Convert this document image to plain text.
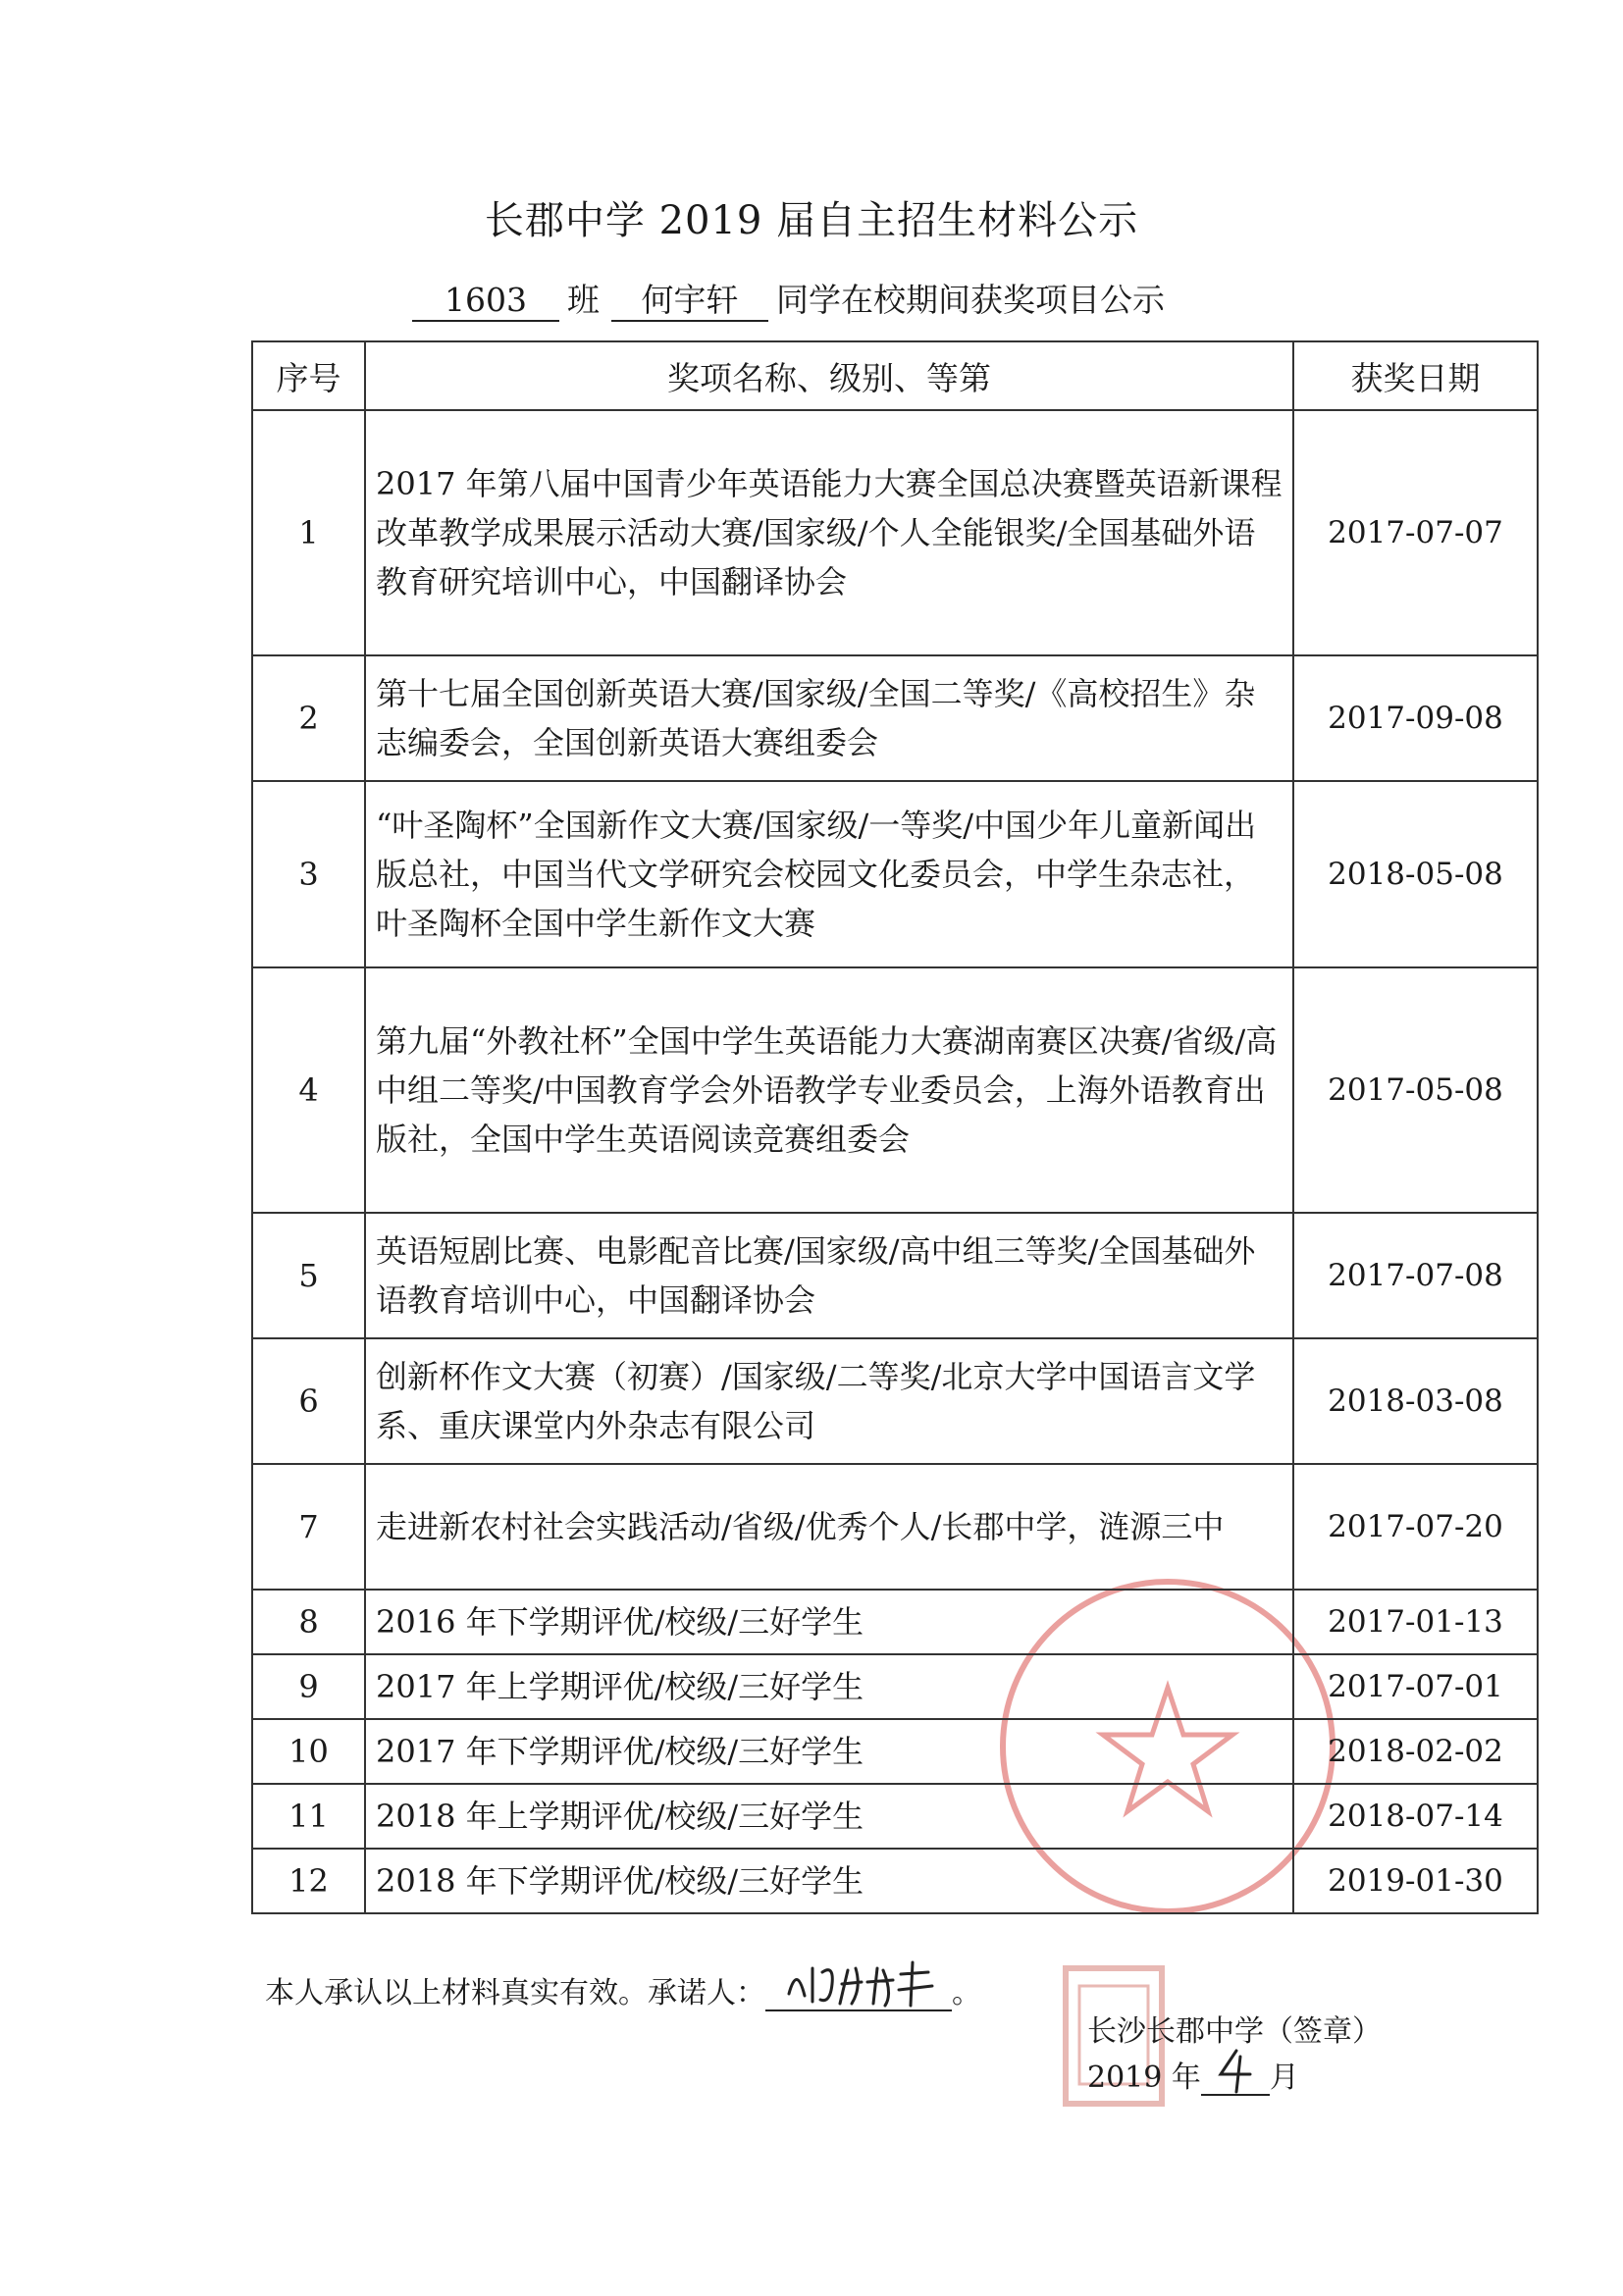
长郡中学 2019 届自主招生材料公示
1603 班 何宇轩 同学在校期间获奖项目公示
序号	奖项名称、级别、等第	获奖日期
1	2017 年第八届中国青少年英语能力大赛全国总决赛暨英语新课程改革教学成果展示活动大赛/国家级/个人全能银奖/全国基础外语教育研究培训中心，中国翻译协会	2017-07-07
2	第十七届全国创新英语大赛/国家级/全国二等奖/《高校招生》杂志编委会，全国创新英语大赛组委会	2017-09-08
3	“叶圣陶杯”全国新作文大赛/国家级/一等奖/中国少年儿童新闻出版总社，中国当代文学研究会校园文化委员会，中学生杂志社，叶圣陶杯全国中学生新作文大赛	2018-05-08
4	第九届“外教社杯”全国中学生英语能力大赛湖南赛区决赛/省级/高中组二等奖/中国教育学会外语教学专业委员会，上海外语教育出版社，全国中学生英语阅读竞赛组委会	2017-05-08
5	英语短剧比赛、电影配音比赛/国家级/高中组三等奖/全国基础外语教育培训中心，中国翻译协会	2017-07-08
6	创新杯作文大赛（初赛）/国家级/二等奖/北京大学中国语言文学系、重庆课堂内外杂志有限公司	2018-03-08
7	走进新农村社会实践活动/省级/优秀个人/长郡中学，涟源三中	2017-07-20
8	2016 年下学期评优/校级/三好学生	2017-01-13
9	2017 年上学期评优/校级/三好学生	2017-07-01
10	2017 年下学期评优/校级/三好学生	2018-02-02
11	2018 年上学期评优/校级/三好学生	2018-07-14
12	2018 年下学期评优/校级/三好学生	2019-01-30
本人承认以上材料真实有效。承诺人：	。
长沙长郡中学（签章）
2019 年 月
